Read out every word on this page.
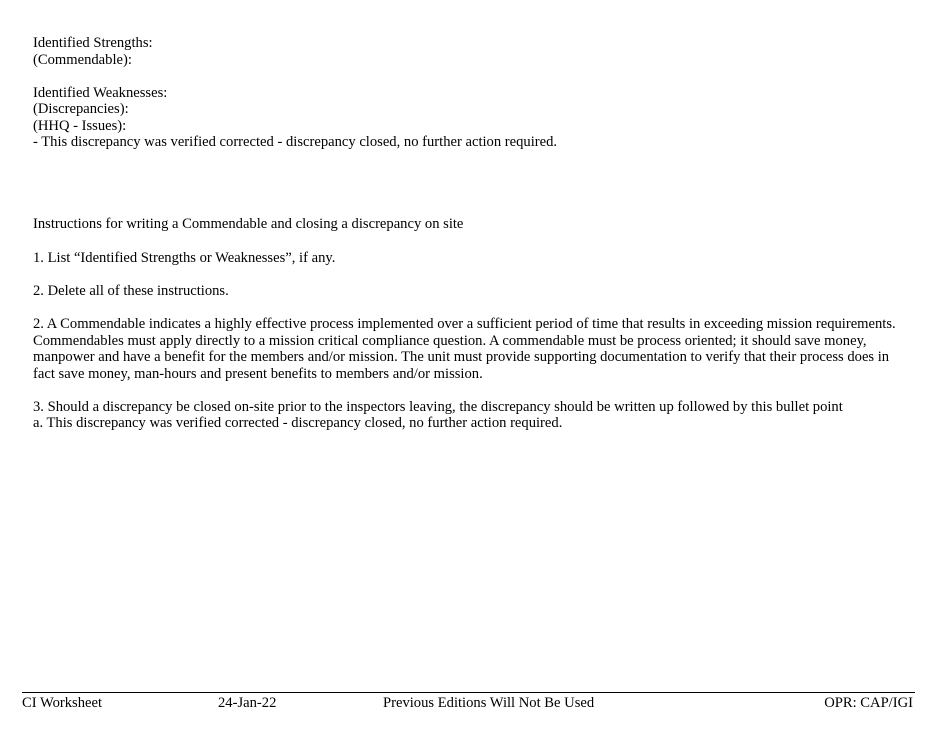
Identified Strengths:
(Commendable):
Identified Weaknesses:
(Discrepancies):
(HHQ - Issues):
- This discrepancy was verified corrected - discrepancy closed, no further action required.
Instructions for writing a Commendable and closing a discrepancy on site
1. List “Identified Strengths or Weaknesses”, if any.
2. Delete all of these instructions.
2. A Commendable indicates a highly effective process implemented over a sufficient period of time that results in exceeding mission requirements. Commendables must apply directly to a mission critical compliance question. A commendable must be process oriented; it should save money, manpower and have a benefit for the members and/or mission. The unit must provide supporting documentation to verify that their process does in fact save money, man-hours and present benefits to members and/or mission.
3. Should a discrepancy be closed on-site prior to the inspectors leaving, the discrepancy should be written up followed by this bullet point
a. This discrepancy was verified corrected - discrepancy closed, no further action required.
CI Worksheet	24-Jan-22	Previous Editions Will Not Be Used	OPR: CAP/IGI
